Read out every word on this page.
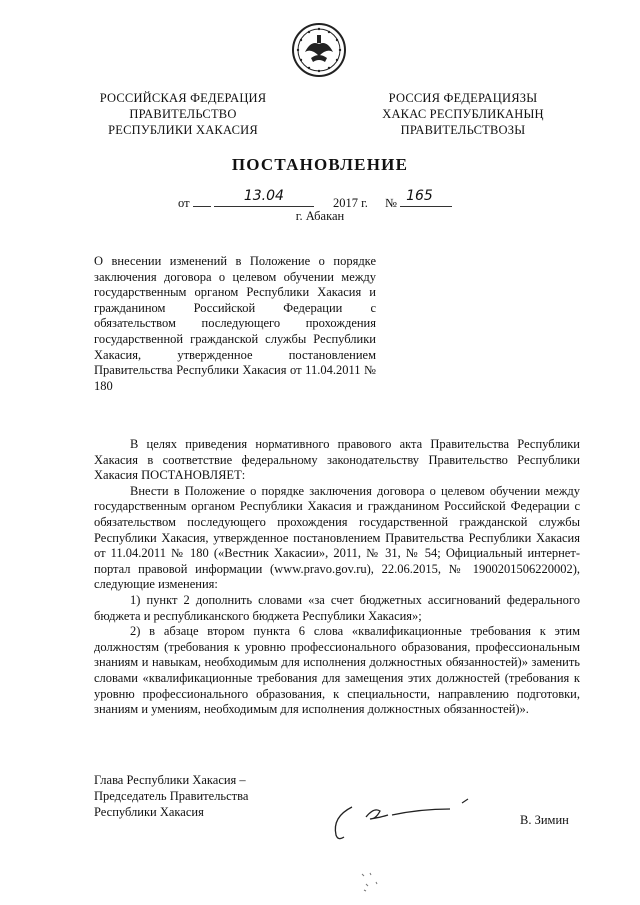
РОССИЙСКАЯ ФЕДЕРАЦИЯ
ПРАВИТЕЛЬСТВО
РЕСПУБЛИКИ ХАКАСИЯ
РОССИЯ ФЕДЕРАЦИЯЗЫ
ХАКАС РЕСПУБЛИКАНЫҢ
ПРАВИТЕЛЬСТВОЗЫ
ПОСТАНОВЛЕНИЕ
от	13.04	2017 г. № 165
г. Абакан
О внесении изменений в Положение о порядке заключения договора о целевом обучении между государственным органом Республики Хакасия и гражданином Российской Федерации с обязательством последующего прохождения государственной гражданской службы Республики Хакасия, утвержденное постановлением Правительства Республики Хакасия от 11.04.2011 № 180

В целях приведения нормативного правового акта Правительства Республики Хакасия в соответствие федеральному законодательству Правительство Республики Хакасия ПОСТАНОВЛЯЕТ:

Внести в Положение о порядке заключения договора о целевом обучении между государственным органом Республики Хакасия и гражданином Российской Федерации с обязательством последующего прохождения государственной гражданской службы Республики Хакасия, утвержденное постановлением Правительства Республики Хакасия от 11.04.2011 № 180 («Вестник Хакасии», 2011, № 31, № 54; Официальный интернет-портал правовой информации (www.pravo.gov.ru), 22.06.2015, № 1900201506220002), следующие изменения:

1) пункт 2 дополнить словами «за счет бюджетных ассигнований федерального бюджета и республиканского бюджета Республики Хакасия»;

2) в абзаце втором пункта 6 слова «квалификационные требования к этим должностям (требования к уровню профессионального образования, профессиональным знаниям и навыкам, необходимым для исполнения должностных обязанностей)» заменить словами «квалификационные требования для замещения этих должностей (требования к уровню профессионального образования, к специальности, направлению подготовки, знаниям и умениям, необходимым для исполнения должностных обязанностей)».

Глава Республики Хакасия –
Председатель Правительства
Республики Хакасия
В. Зимин
